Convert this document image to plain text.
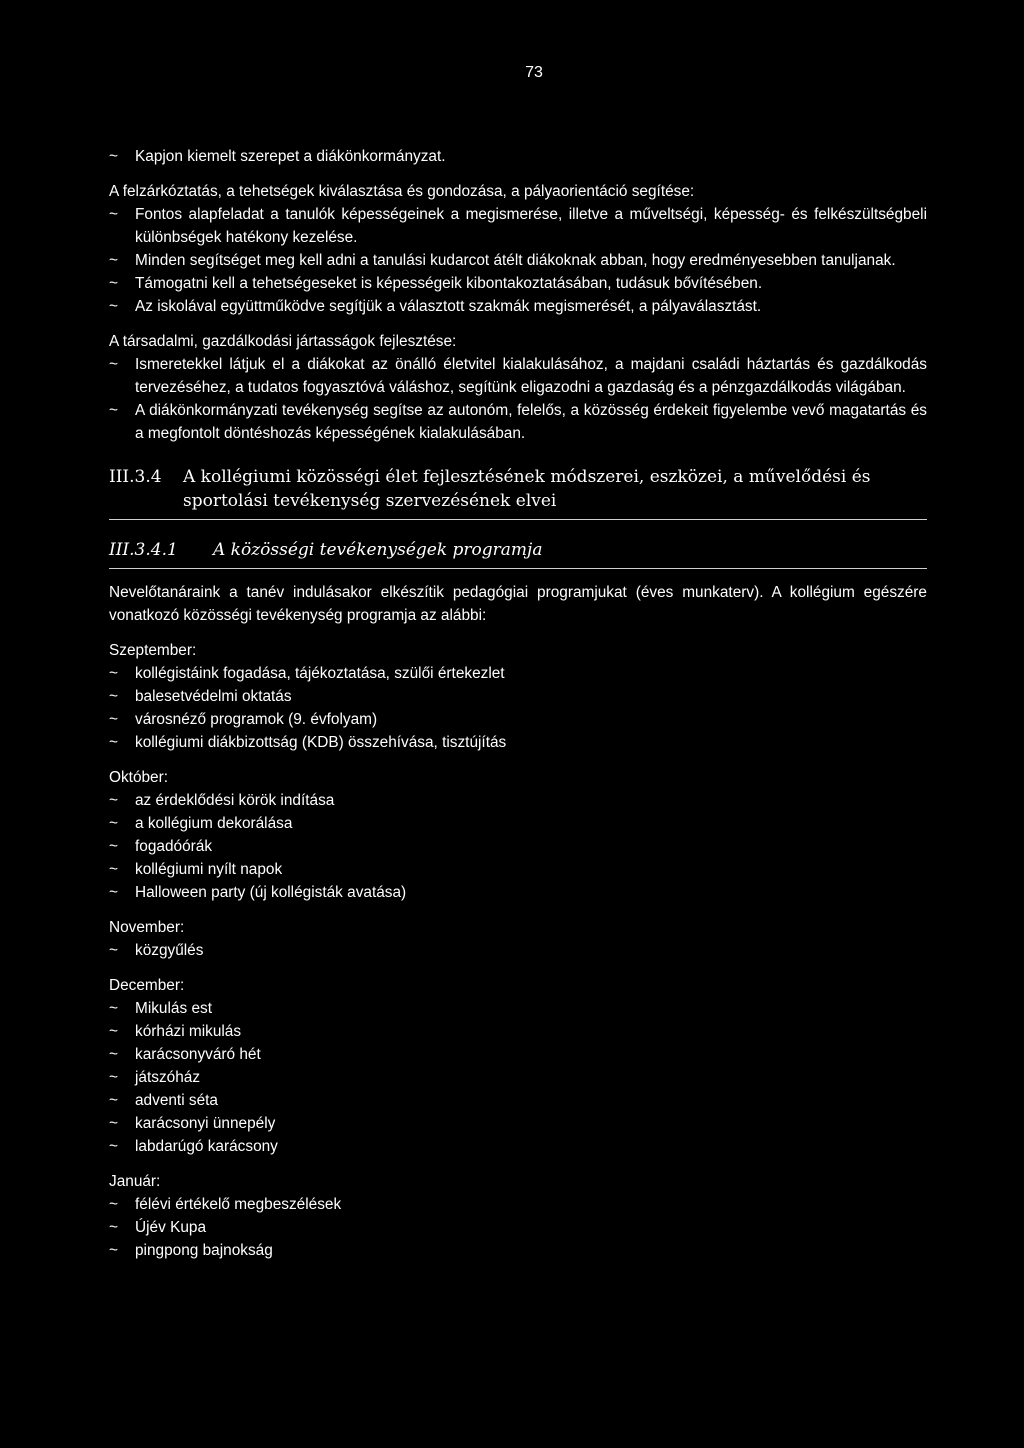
73
~ Kapjon kiemelt szerepet a diákönkormányzat.

A felzárkóztatás, a tehetségek kiválasztása és gondozása, a pályaorientáció segítése:

~ Fontos alapfeladat a tanulók képességeinek a megismerése, illetve a műveltségi, képesség- és felkészültségbeli különbségek hatékony kezelése.
~ Minden segítséget meg kell adni a tanulási kudarcot átélt diákoknak abban, hogy eredményesebben tanuljanak.
~ Támogatni kell a tehetségeseket is képességeik kibontakoztatásában, tudásuk bővítésében.
~ Az iskolával együttműködve segítjük a választott szakmák megismerését, a pályaválasztást.

A társadalmi, gazdálkodási jártasságok fejlesztése:

~ Ismeretekkel látjuk el a diákokat az önálló életvitel kialakulásához, a majdani családi háztartás és gazdálkodás tervezéséhez, a tudatos fogyasztóvá váláshoz, segítünk eligazodni a gazdaság és a pénzgazdálkodás világában.
~ A diákönkormányzati tevékenység segítse az autonóm, felelős, a közösség érdekeit figyelembe vevő magatartás és a megfontolt döntéshozás képességének kialakulásában.
III.3.4	A kollégiumi közösségi élet fejlesztésének módszerei, eszközei, a művelődési és sportolási tevékenység szervezésének elvei
III.3.4.1	A közösségi tevékenységek programja

Nevelőtanáraink a tanév indulásakor elkészítik pedagógiai programjukat (éves munkaterv). A kollégium egészére vonatkozó közösségi tevékenység programja az alábbi:

Szeptember:
~ kollégistáink fogadása, tájékoztatása, szülői értekezlet
~ balesetvédelmi oktatás
~ városnéző programok (9. évfolyam)
~ kollégiumi diákbizottság (KDB) összehívása, tisztújítás
Október:
~ az érdeklődési körök indítása
~ a kollégium dekorálása
~ fogadóórák
~ kollégiumi nyílt napok
~ Halloween party (új kollégisták avatása)
November:
~ közgyűlés
December:
~ Mikulás est
~ kórházi mikulás
~ karácsonyváró hét
~ játszóház
~ adventi séta
~ karácsonyi ünnepély
~ labdarúgó karácsony
Január:
~ félévi értékelő megbeszélések
~ Újév Kupa
~ pingpong bajnokság
